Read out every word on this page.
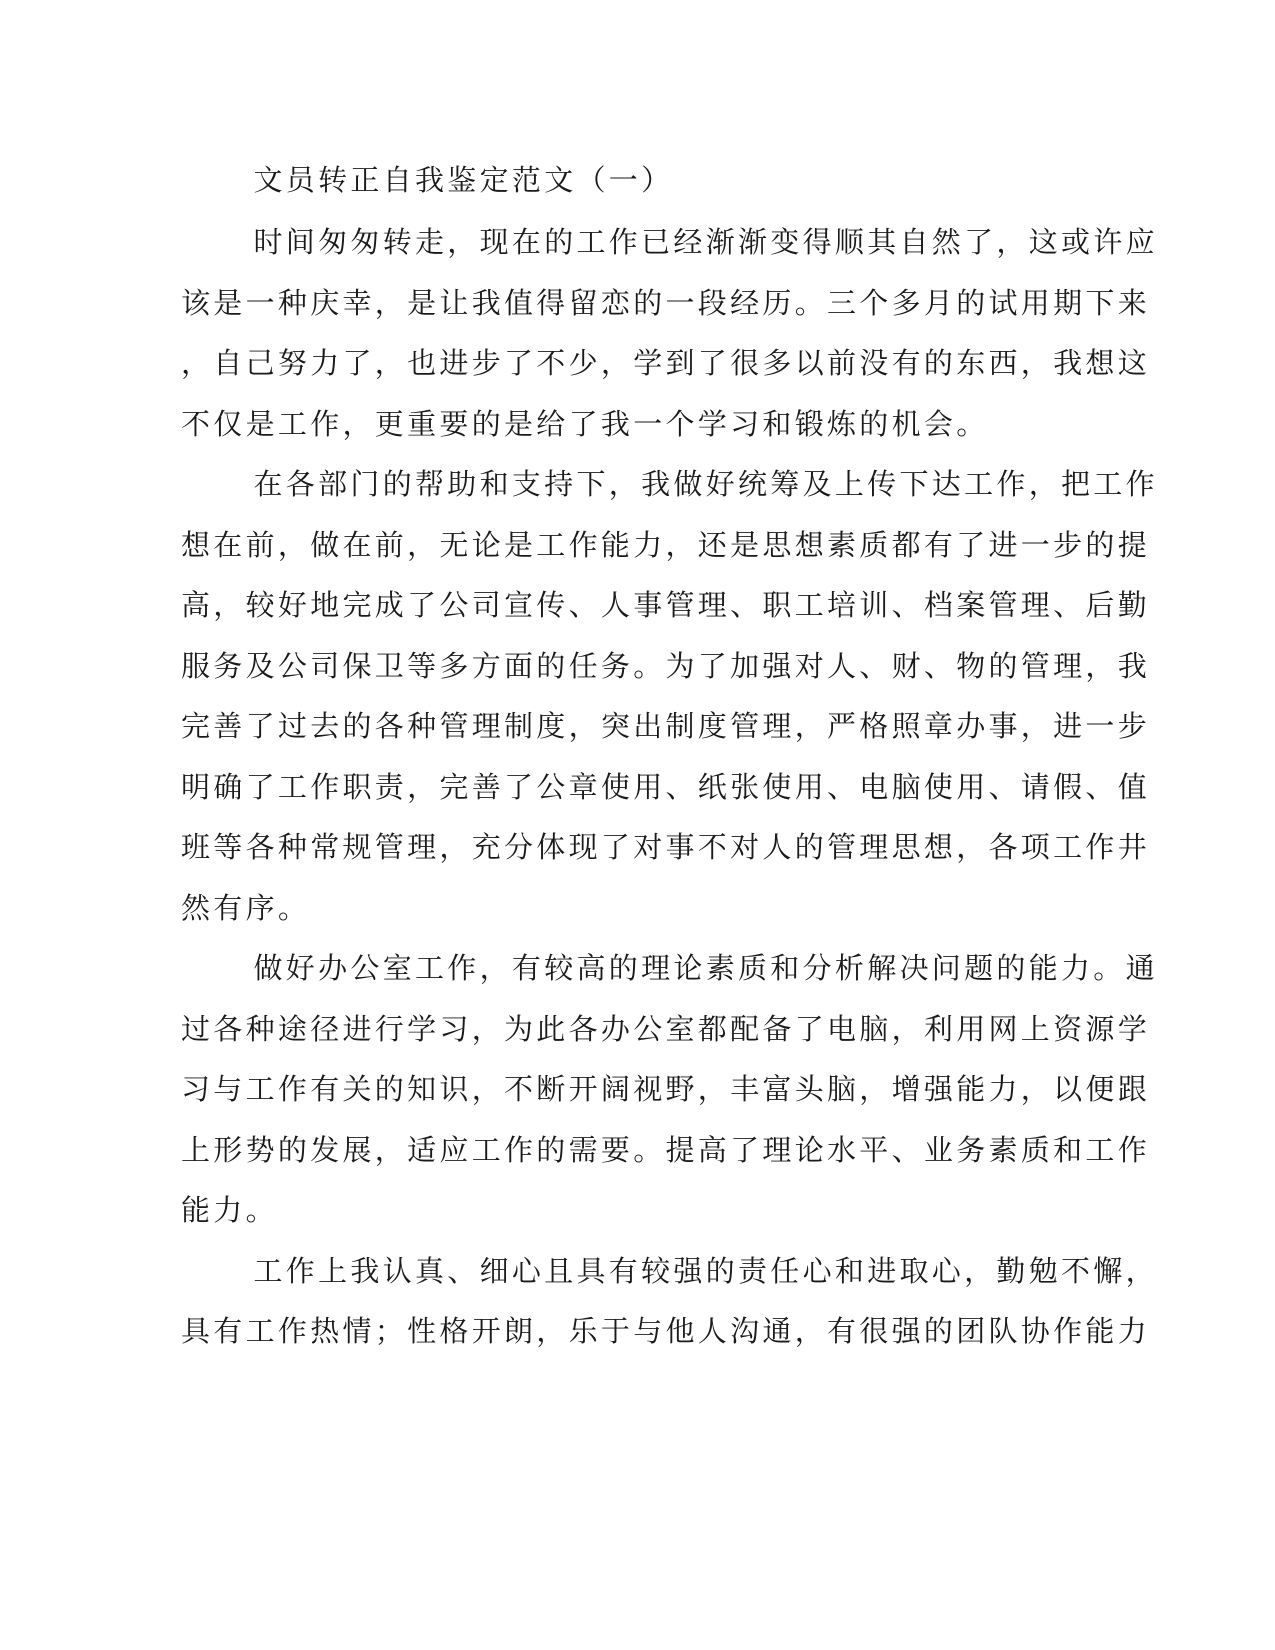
文员转正自我鉴定范文（一）

时间匆匆转走，现在的工作已经渐渐变得顺其自然了，这或许应
该是一种庆幸，是让我值得留恋的一段经历。三个多月的试用期下来
，自己努力了，也进步了不少，学到了很多以前没有的东西，我想这
不仅是工作，更重要的是给了我一个学习和锻炼的机会。

在各部门的帮助和支持下，我做好统筹及上传下达工作，把工作
想在前，做在前，无论是工作能力，还是思想素质都有了进一步的提
高，较好地完成了公司宣传、人事管理、职工培训、档案管理、后勤
服务及公司保卫等多方面的任务。为了加强对人、财、物的管理，我
完善了过去的各种管理制度，突出制度管理，严格照章办事，进一步
明确了工作职责，完善了公章使用、纸张使用、电脑使用、请假、值
班等各种常规管理，充分体现了对事不对人的管理思想，各项工作井
然有序。

做好办公室工作，有较高的理论素质和分析解决问题的能力。通
过各种途径进行学习，为此各办公室都配备了电脑，利用网上资源学
习与工作有关的知识，不断开阔视野，丰富头脑，增强能力，以便跟
上形势的发展，适应工作的需要。提高了理论水平、业务素质和工作
能力。

工作上我认真、细心且具有较强的责任心和进取心，勤勉不懈，
具有工作热情；性格开朗，乐于与他人沟通，有很强的团队协作能力
